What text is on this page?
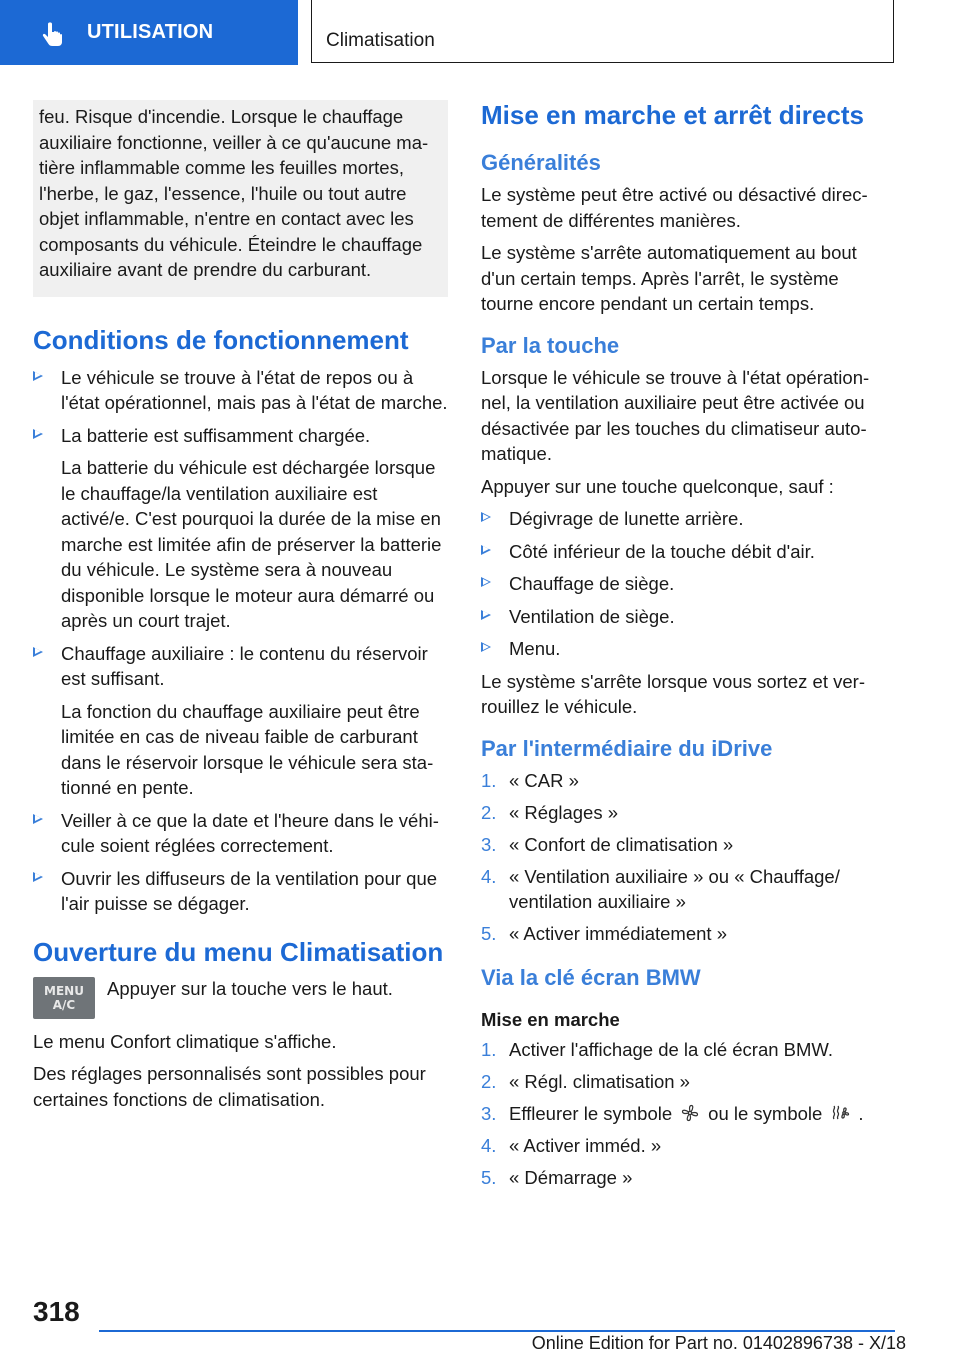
UTILISATION	Climatisation
feu. Risque d'incendie. Lorsque le chauffage auxiliaire fonctionne, veiller à ce qu'aucune matière inflammable comme les feuilles mortes, l'herbe, le gaz, l'essence, l'huile ou tout autre objet inflammable, n'entre en contact avec les composants du véhicule. Éteindre le chauffage auxiliaire avant de prendre du carburant.
Conditions de fonctionnement
Le véhicule se trouve à l'état de repos ou à l'état opérationnel, mais pas à l'état de marche.
La batterie est suffisamment chargée.
La batterie du véhicule est déchargée lorsque le chauffage/la ventilation auxiliaire est activé/e. C'est pourquoi la durée de la mise en marche est limitée afin de préserver la batterie du véhicule. Le système sera à nouveau disponible lorsque le moteur aura démarré ou après un court trajet.
Chauffage auxiliaire : le contenu du réservoir est suffisant.
La fonction du chauffage auxiliaire peut être limitée en cas de niveau faible de carburant dans le réservoir lorsque le véhicule sera stationné en pente.
Veiller à ce que la date et l'heure dans le véhicule soient réglées correctement.
Ouvrir les diffuseurs de la ventilation pour que l'air puisse se dégager.
Ouverture du menu Climatisation
MENU
A/C
Appuyer sur la touche vers le haut.

Le menu Confort climatique s'affiche.

Des réglages personnalisés sont possibles pour certaines fonctions de climatisation.

Mise en marche et arrêt directs
Généralités

Le système peut être activé ou désactivé directement de différentes manières.

Le système s'arrête automatiquement au bout d'un certain temps. Après l'arrêt, le système tourne encore pendant un certain temps.

Par la touche

Lorsque le véhicule se trouve à l'état opérationnel, la ventilation auxiliaire peut être activée ou désactivée par les touches du climatiseur automatique.

Appuyer sur une touche quelconque, sauf :

Dégivrage de lunette arrière.
Côté inférieur de la touche débit d'air.
Chauffage de siège.
Ventilation de siège.
Menu.

Le système s'arrête lorsque vous sortez et verrouillez le véhicule.

Par l'intermédiaire du iDrive
1. « CAR »
2. « Réglages »
3. « Confort de climatisation »
4. « Ventilation auxiliaire » ou « Chauffage/ ventilation auxiliaire »
5. « Activer immédiatement »
Via la clé écran BMW
Mise en marche
1. Activer l'affichage de la clé écran BMW.
2. « Régl. climatisation »
3. Effleurer le symbole ou le symbole .
4. « Activer imméd. »
5. « Démarrage »
318
Online Edition for Part no. 01402896738 - X/18
